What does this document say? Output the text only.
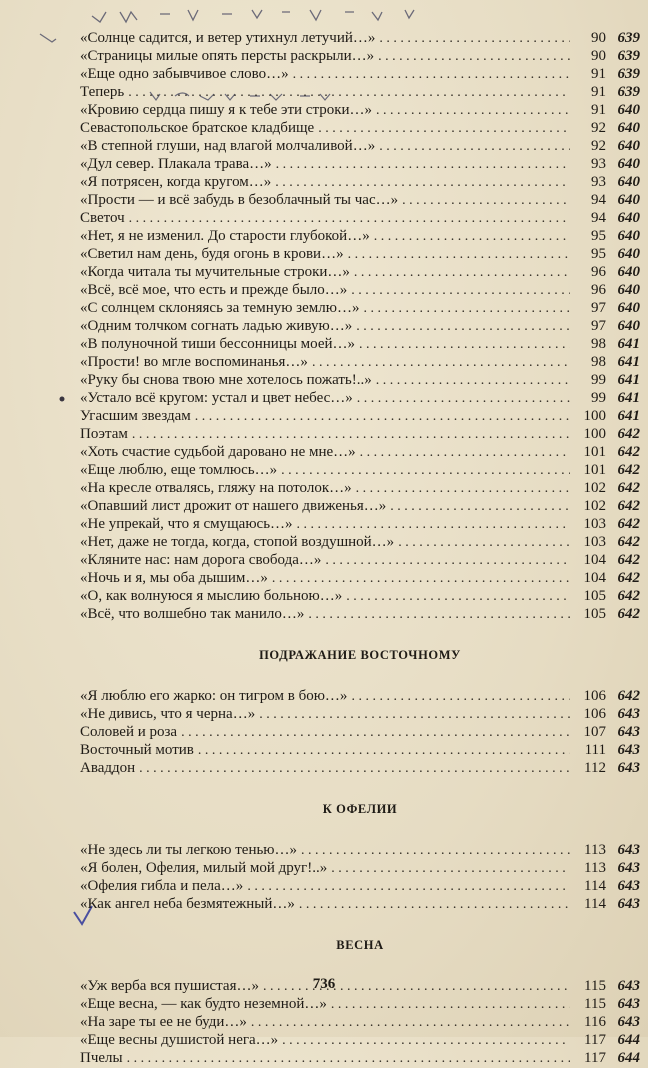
«Солнце садится, и ветер утихнул летучий…» . . .	90 639
«Страницы милые опять персты раскрыли…» . . .	90 639
«Еще одно забывчивое слово…» . . .	91 639
Теперь . . .	91 639
«Кровию сердца пишу я к тебе эти строки…» . . .	91 640
Севастопольское братское кладбище . . .	92 640
«В степной глуши, над влагой молчаливой…» . . .	92 640
«Дул север. Плакала трава…» . . .	93 640
«Я потрясен, когда кругом…» . . .	93 640
«Прости — и всё забудь в безоблачный ты час…» . . .	94 640
Светоч . . .	94 640
«Нет, я не изменил. До старости глубокой…» . . .	95 640
«Светил нам день, будя огонь в крови…» . . .	95 640
«Когда читала ты мучительные строки…» . . .	96 640
«Всё, всё мое, что есть и прежде было…» . . .	96 640
«С солнцем склоняясь за темную землю…» . . .	97 640
«Одним толчком согнать ладью живую…» . . .	97 640
«В полуночной тиши бессонницы моей…» . . .	98 641
«Прости! во мгле воспоминанья…» . . .	98 641
«Руку бы снова твою мне хотелось пожать!..» . . .	99 641
«Устало всё кругом: устал и цвет небес…» . . .	99 641
Угасшим звездам . . .	100 641
Поэтам . . .	100 642
«Хоть счастие судьбой даровано не мне…» . . .	101 642
«Еще люблю, еще томлюсь…» . . .	101 642
«На кресле отвалясь, гляжу на потолок…» . . .	102 642
«Опавший лист дрожит от нашего движенья…» . . .	102 642
«Не упрекай, что я смущаюсь…» . . .	103 642
«Нет, даже не тогда, когда, стопой воздушной…» . . .	103 642
«Кляните нас: нам дорога свобода…» . . .	104 642
«Ночь и я, мы оба дышим…» . . .	104 642
«О, как волнуюся я мыслию больною…» . . .	105 642
«Всё, что волшебно так манило…» . . .	105 642
ПОДРАЖАНИЕ ВОСТОЧНОМУ
«Я люблю его жарко: он тигром в бою…» . . .	106 642
«Не дивись, что я черна…» . . .	106 643
Соловей и роза . . .	107 643
Восточный мотив . . .	111 643
Аваддон . . .	112 643
К ОФЕЛИИ
«Не здесь ли ты легкою тенью…» . . .	113 643
«Я болен, Офелия, милый мой друг!..» . . .	113 643
«Офелия гибла и пела…» . . .	114 643
«Как ангел неба безмятежный…» . . .	114 643
ВЕСНА
«Уж верба вся пушистая…» . . .	115 643
«Еще весна, — как будто неземной…» . . .	115 643
«На заре ты ее не буди…» . . .	116 643
«Еще весны душистой нега…» . . .	117 644
Пчелы . . .	117 644
736
